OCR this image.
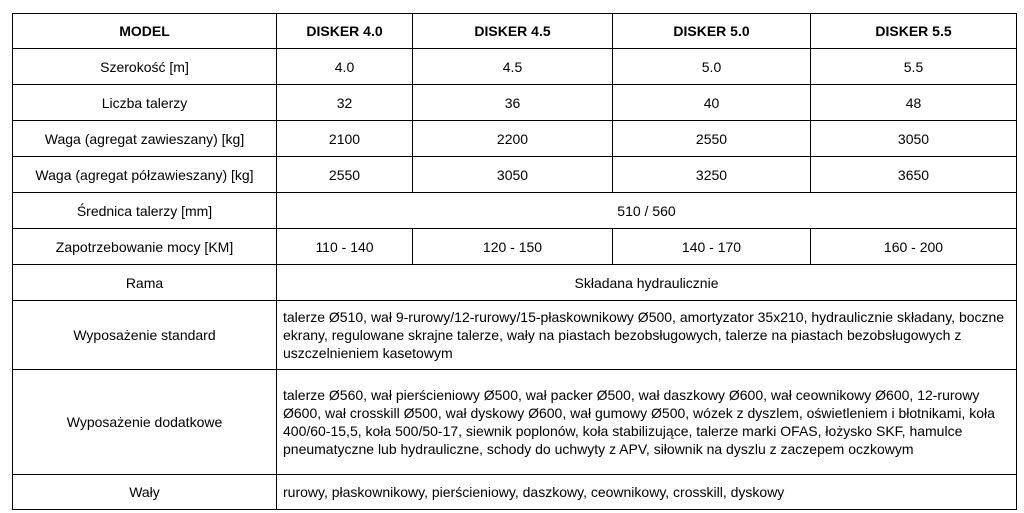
MODEL	DISKER 4.0	DISKER 4.5	DISKER 5.0	DISKER 5.5
Szerokość [m]	4.0	4.5	5.0	5.5
Liczba talerzy	32	36	40	48
Waga (agregat zawieszany) [kg]	2100	2200	2550	3050
Waga (agregat półzawieszany) [kg]	2550	3050	3250	3650
Średnica talerzy [mm]	510 / 560			
Zapotrzebowanie mocy [KM]	110 - 140	120 - 150	140 - 170	160 - 200
Rama	Składana hydraulicznie			
Wyposażenie standard	talerze Ø510, wał 9-rurowy/12-rurowy/15-płaskownikowy Ø500, amortyzator 35x210, hydraulicznie składany, boczne ekrany, regulowane skrajne talerze, wały na piastach bezobsługowych, talerze na piastach bezobsługowych z uszczelnieniem kasetowym			
Wyposażenie dodatkowe	talerze Ø560, wał pierścieniowy Ø500, wał packer Ø500, wał daszkowy Ø600, wał ceownikowy Ø600, 12-rurowy Ø600, wał crosskill Ø500, wał dyskowy Ø600, wał gumowy Ø500, wózek z dyszlem, oświetleniem i błotnikami, koła 400/60-15,5, koła 500/50-17, siewnik poplonów, koła stabilizujące, talerze marki OFAS, łożysko SKF, hamulce pneumatyczne lub hydrauliczne, schody do uchwyty z APV, siłownik na dyszlu z zaczepem oczkowym			
Wały	rurowy, płaskownikowy, pierścieniowy, daszkowy, ceownikowy, crosskill, dyskowy			
